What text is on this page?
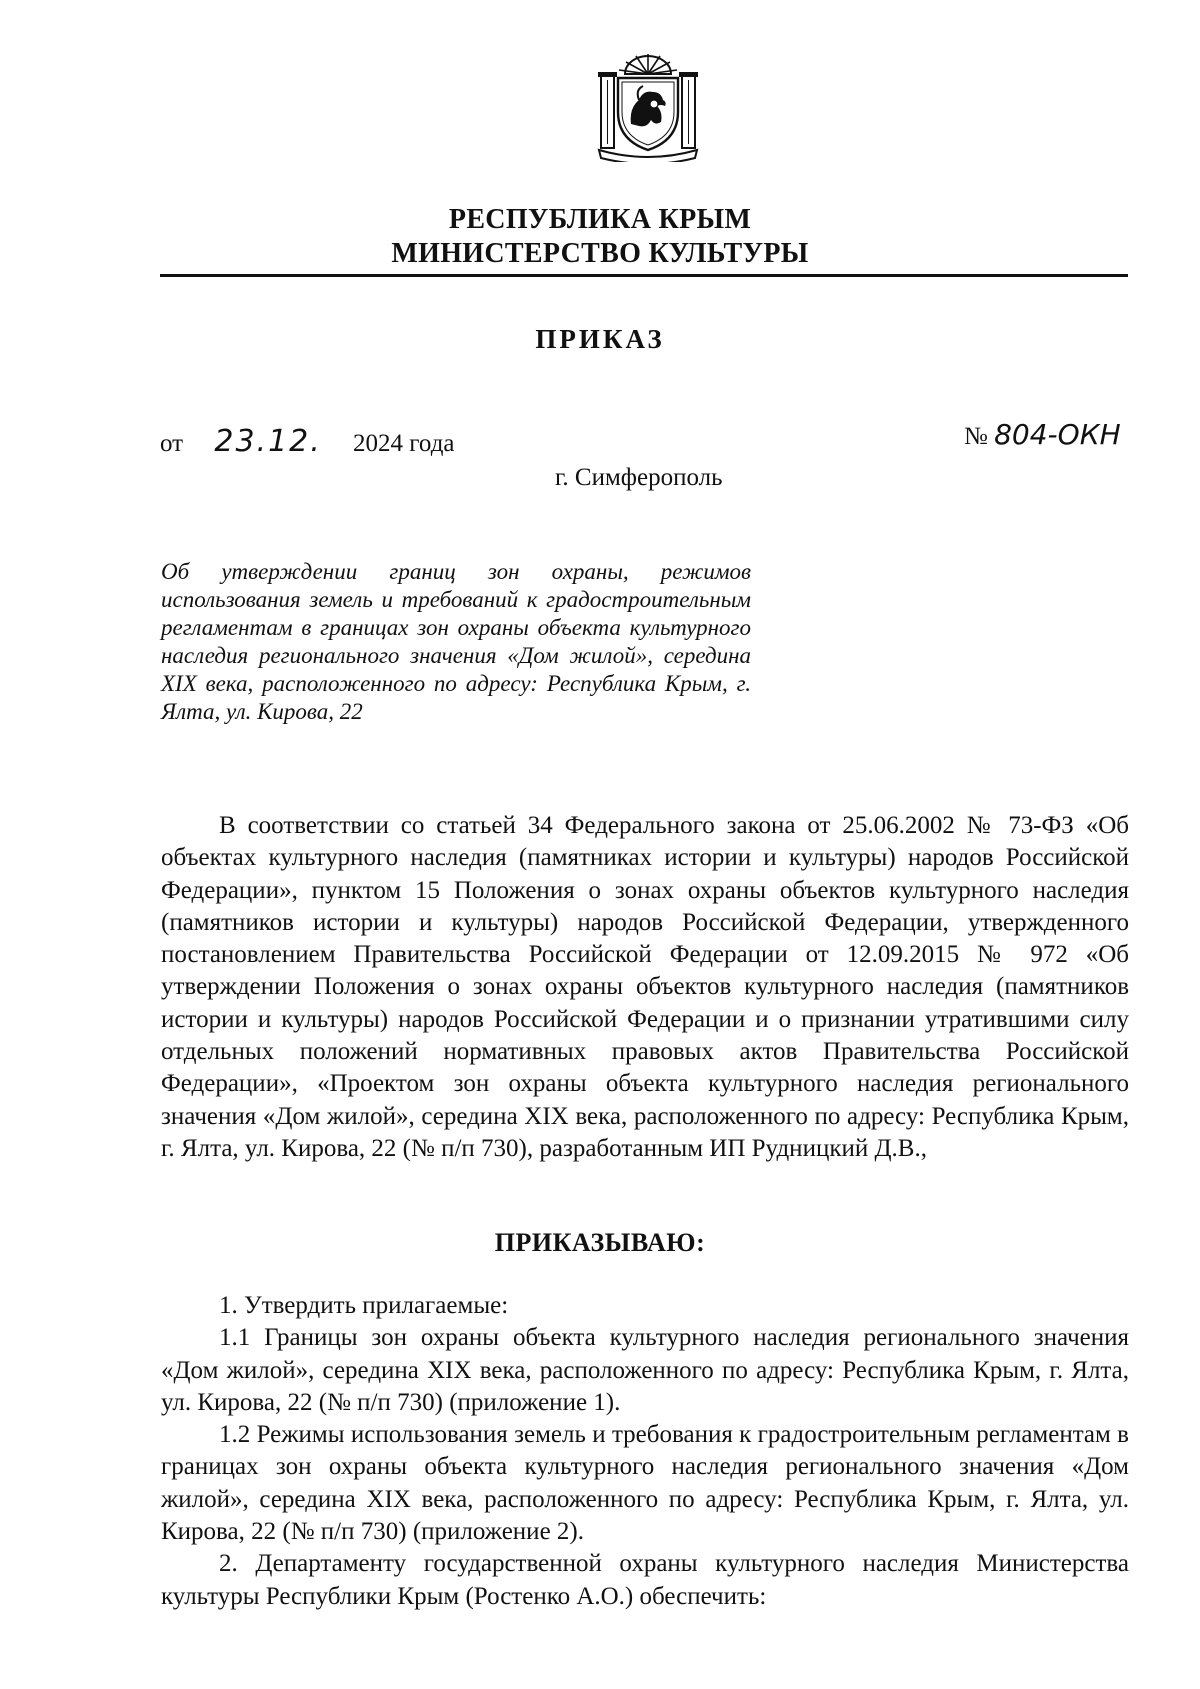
РЕСПУБЛИКА КРЫМ
МИНИСТЕРСТВО КУЛЬТУРЫ
ПРИКАЗ
от 23.12. 2024 года	№ 804-ОКН
г. Симферополь
Об утверждении границ зон охраны, режимов использования земель и требований к градостроительным регламентам в границах зон охраны объекта культурного наследия регионального значения «Дом жилой», середина XIX века, расположенного по адресу: Республика Крым, г. Ялта, ул. Кирова, 22

В соответствии со статьей 34 Федерального закона от 25.06.2002 № 73-ФЗ «Об объектах культурного наследия (памятниках истории и культуры) народов Российской Федерации», пунктом 15 Положения о зонах охраны объектов культурного наследия (памятников истории и культуры) народов Российской Федерации, утвержденного постановлением Правительства Российской Федерации от 12.09.2015 № 972 «Об утверждении Положения о зонах охраны объектов культурного наследия (памятников истории и культуры) народов Российской Федерации и о признании утратившими силу отдельных положений нормативных правовых актов Правительства Российской Федерации», «Проектом зон охраны объекта культурного наследия регионального значения «Дом жилой», середина XIX века, расположенного по адресу: Республика Крым, г. Ялта, ул. Кирова, 22 (№ п/п 730), разработанным ИП Рудницкий Д.В.,

ПРИКАЗЫВАЮ:

1. Утвердить прилагаемые:

1.1 Границы зон охраны объекта культурного наследия регионального значения «Дом жилой», середина XIX века, расположенного по адресу: Республика Крым, г. Ялта, ул. Кирова, 22 (№ п/п 730) (приложение 1).

1.2 Режимы использования земель и требования к градостроительным регламентам в границах зон охраны объекта культурного наследия регионального значения «Дом жилой», середина XIX века, расположенного по адресу: Республика Крым, г. Ялта, ул. Кирова, 22 (№ п/п 730) (приложение 2).

2. Департаменту государственной охраны культурного наследия Министерства культуры Республики Крым (Ростенко А.О.) обеспечить:
